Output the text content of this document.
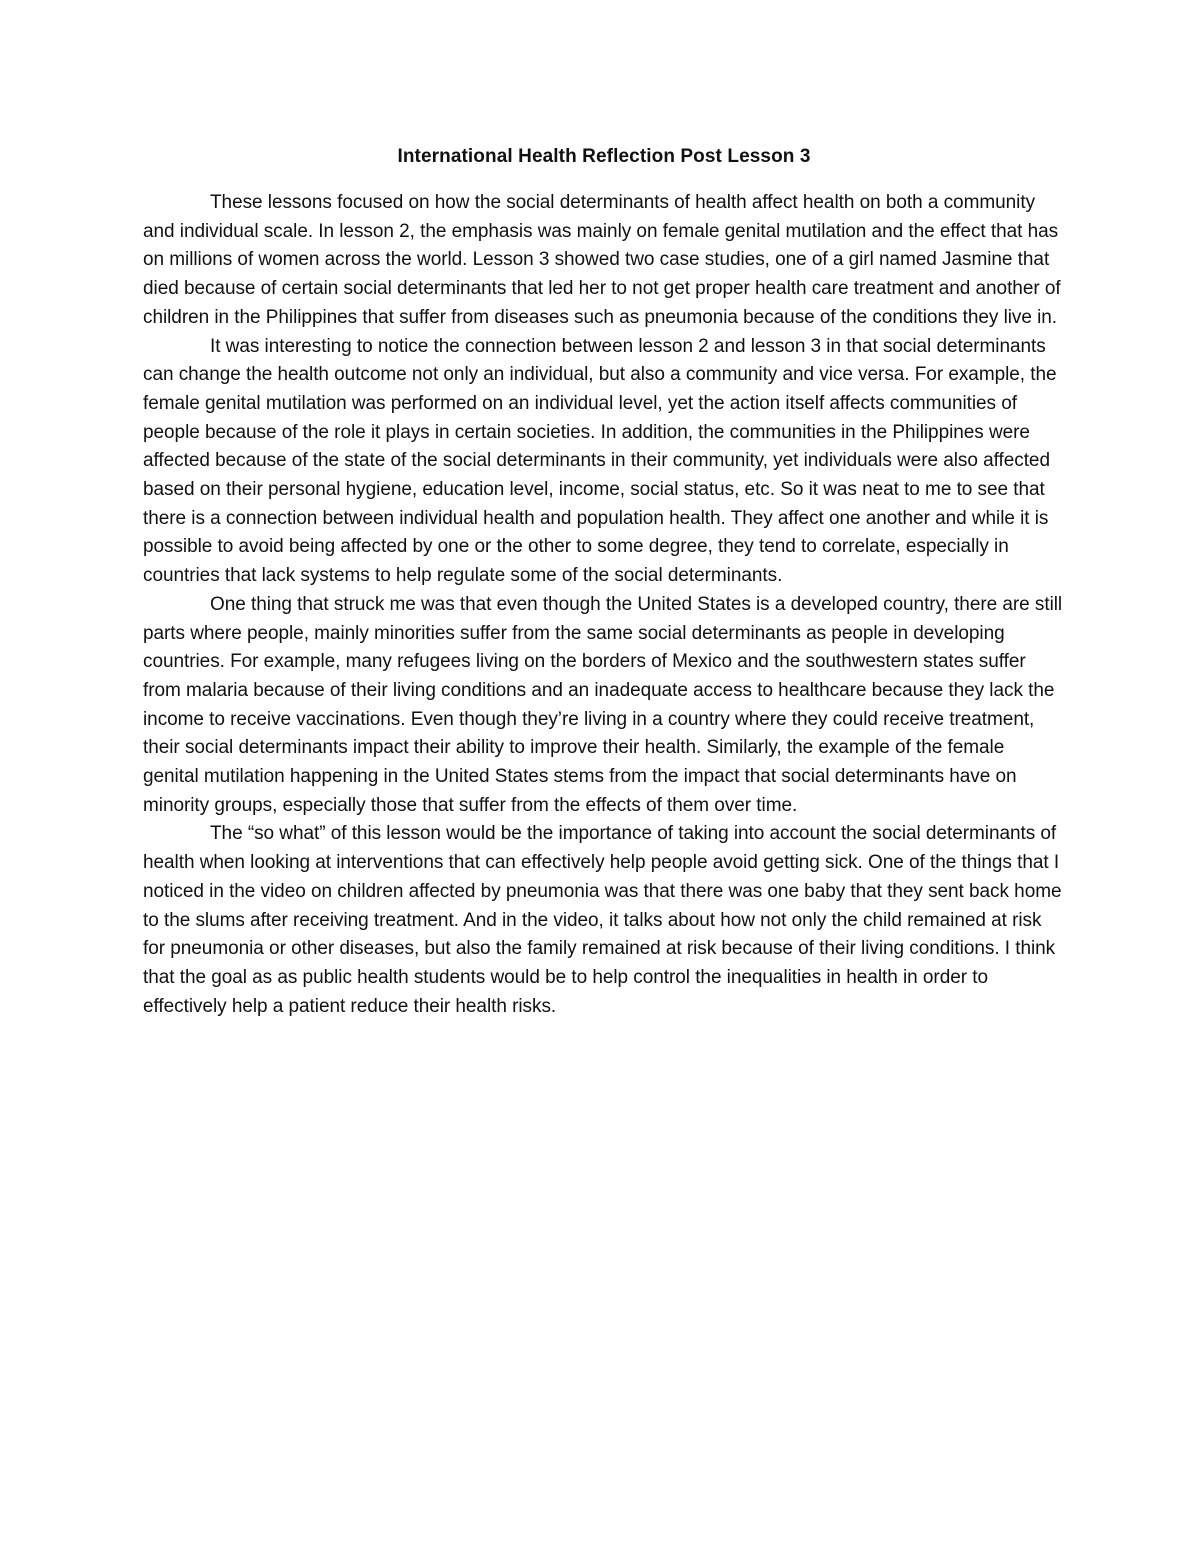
International Health Reflection Post Lesson 3

These lessons focused on how the social determinants of health affect health on both a community and individual scale. In lesson 2, the emphasis was mainly on female genital mutilation and the effect that has on millions of women across the world. Lesson 3 showed two case studies, one of a girl named Jasmine that died because of certain social determinants that led her to not get proper health care treatment and another of children in the Philippines that suffer from diseases such as pneumonia because of the conditions they live in.

It was interesting to notice the connection between lesson 2 and lesson 3 in that social determinants can change the health outcome not only an individual, but also a community and vice versa. For example, the female genital mutilation was performed on an individual level, yet the action itself affects communities of people because of the role it plays in certain societies. In addition, the communities in the Philippines were affected because of the state of the social determinants in their community, yet individuals were also affected based on their personal hygiene, education level, income, social status, etc. So it was neat to me to see that there is a connection between individual health and population health. They affect one another and while it is possible to avoid being affected by one or the other to some degree, they tend to correlate, especially in countries that lack systems to help regulate some of the social determinants.

One thing that struck me was that even though the United States is a developed country, there are still parts where people, mainly minorities suffer from the same social determinants as people in developing countries. For example, many refugees living on the borders of Mexico and the southwestern states suffer from malaria because of their living conditions and an inadequate access to healthcare because they lack the income to receive vaccinations. Even though they’re living in a country where they could receive treatment, their social determinants impact their ability to improve their health. Similarly, the example of the female genital mutilation happening in the United States stems from the impact that social determinants have on minority groups, especially those that suffer from the effects of them over time.

The “so what” of this lesson would be the importance of taking into account the social determinants of health when looking at interventions that can effectively help people avoid getting sick. One of the things that I noticed in the video on children affected by pneumonia was that there was one baby that they sent back home to the slums after receiving treatment. And in the video, it talks about how not only the child remained at risk for pneumonia or other diseases, but also the family remained at risk because of their living conditions. I think that the goal as as public health students would be to help control the inequalities in health in order to effectively help a patient reduce their health risks.
